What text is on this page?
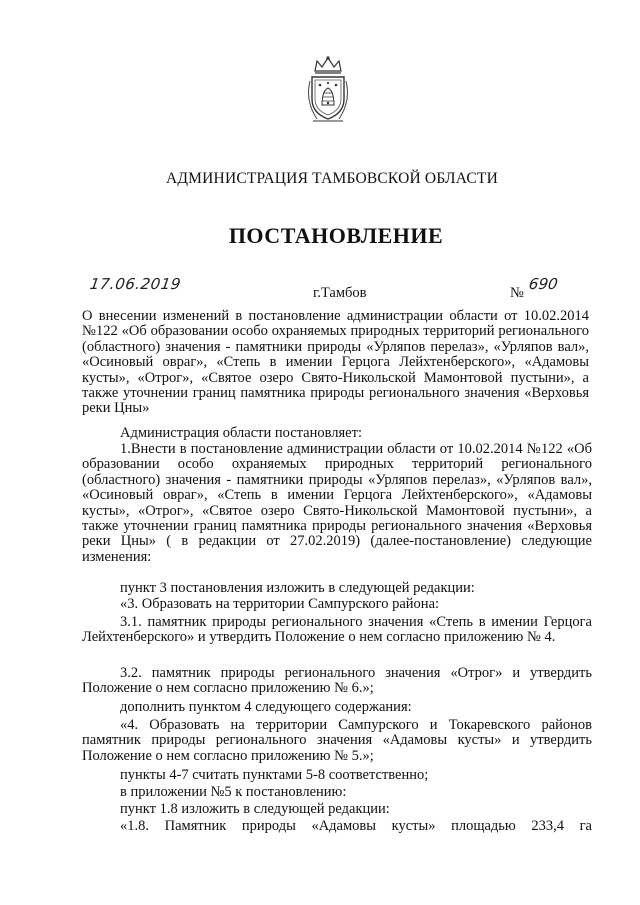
АДМИНИСТРАЦИЯ ТАМБОВСКОЙ ОБЛАСТИ

ПОСТАНОВЛЕНИЕ

17.06.2019	г.Тамбов	№ 690

О внесении изменений в постановление администрации области от 10.02.2014 №122 «Об образовании особо охраняемых природных территорий регионального (областного) значения - памятники природы «Урляпов перелаз», «Урляпов вал», «Осиновый овраг», «Степь в имении Герцога Лейхтенберского», «Адамовы кусты», «Отрог», «Святое озеро Свято-Никольской Мамонтовой пустыни», а также уточнении границ памятника природы регионального значения «Верховья реки Цны»

Администрация области постановляет:

1.Внести в постановление администрации области от 10.02.2014 №122 «Об образовании особо охраняемых природных территорий регионального (областного) значения - памятники природы «Урляпов перелаз», «Урляпов вал», «Осиновый овраг», «Степь в имении Герцога Лейхтенберского», «Адамовы кусты», «Отрог», «Святое озеро Свято-Никольской Мамонтовой пустыни», а также уточнении границ памятника природы регионального значения «Верховья реки Цны» ( в редакции от 27.02.2019) (далее-постановление) следующие изменения:

пункт 3 постановления изложить в следующей редакции:

«3. Образовать на территории Сампурского района:

3.1. памятник природы регионального значения «Степь в имении Герцога Лейхтенберского» и утвердить Положение о нем согласно приложению № 4.

3.2. памятник природы регионального значения «Отрог» и утвердить Положение о нем согласно приложению № 6.»;

дополнить пунктом 4 следующего содержания:

«4. Образовать на территории Сампурского и Токаревского районов памятник природы регионального значения «Адамовы кусты» и утвердить Положение о нем согласно приложению № 5.»;

пункты 4-7 считать пунктами 5-8 соответственно;

в приложении №5 к постановлению:

пункт 1.8 изложить в следующей редакции:

«1.8. Памятник природы «Адамовы кусты» площадью 233,4 га
